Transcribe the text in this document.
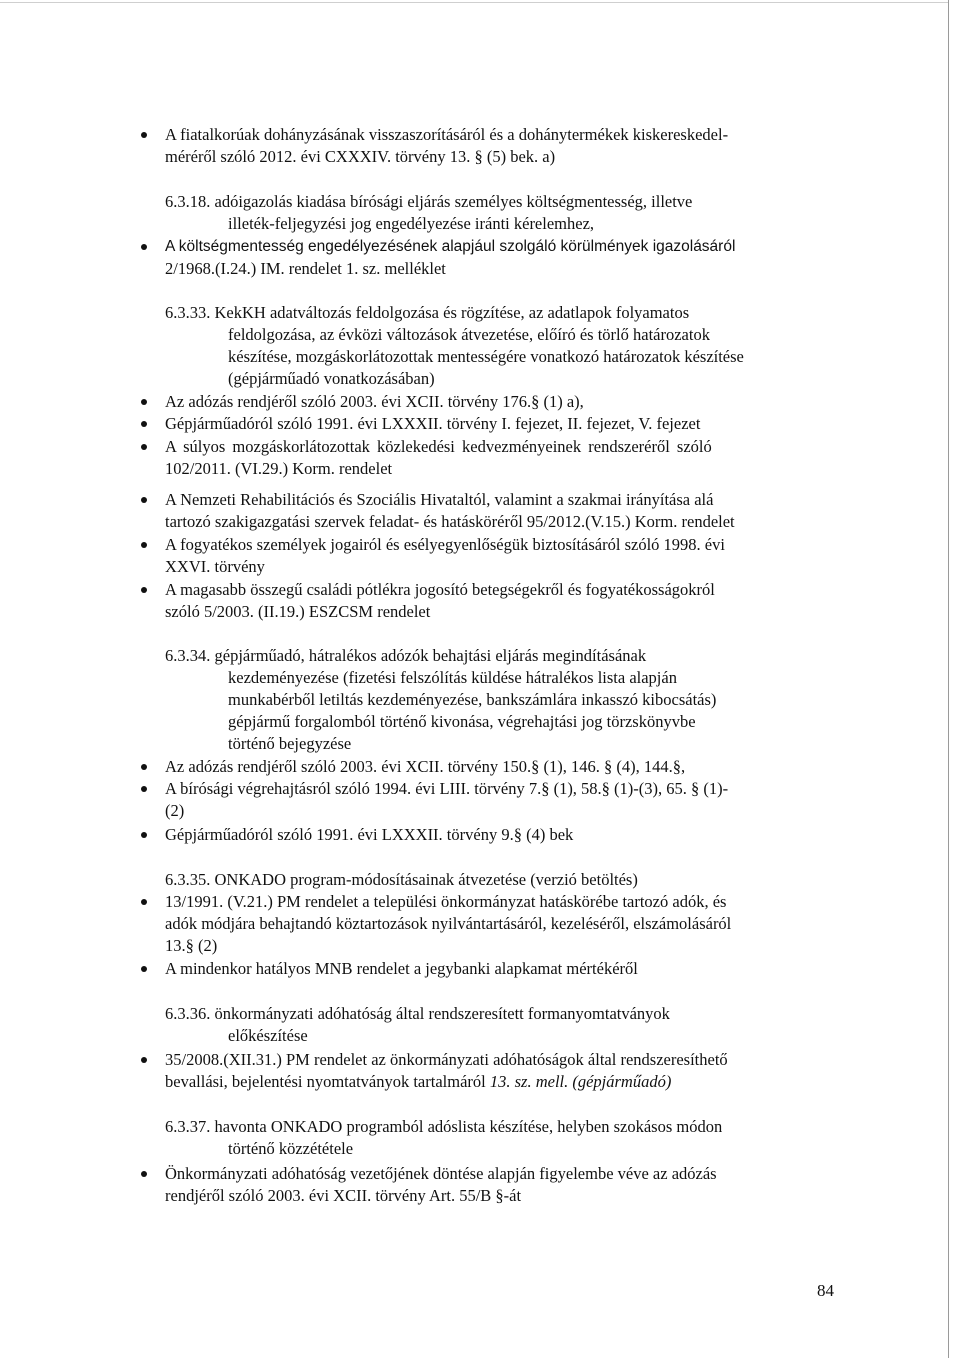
A fiatalkorúak dohányzásának visszaszorításáról és a dohánytermékek kiskereskedel-
méréről szóló 2012. évi CXXXIV. törvény 13. § (5) bek. a)
6.3.18. adóigazolás kiadása bírósági eljárás személyes költségmentesség, illetve
illeték-feljegyzési jog engedélyezése iránti kérelemhez,
A költségmentesség engedélyezésének alapjául szolgáló körülmények igazolásáról
2/1968.(I.24.) IM. rendelet 1. sz. melléklet
6.3.33. KekKH adatváltozás feldolgozása és rögzítése, az adatlapok folyamatos
feldolgozása, az évközi változások átvezetése, előíró és törlő határozatok
készítése, mozgáskorlátozottak mentességére vonatkozó határozatok készítése
(gépjárműadó vonatkozásában)
Az adózás rendjéről szóló 2003. évi XCII. törvény 176.§ (1) a),
Gépjárműadóról szóló 1991. évi LXXXII. törvény I. fejezet, II. fejezet, V. fejezet
A súlyos mozgáskorlátozottak közlekedési kedvezményeinek rendszeréről szóló
102/2011. (VI.29.) Korm. rendelet
A Nemzeti Rehabilitációs és Szociális Hivataltól, valamint a szakmai irányítása alá
tartozó szakigazgatási szervek feladat- és hatásköréről 95/2012.(V.15.) Korm. rendelet
A fogyatékos személyek jogairól és esélyegyenlőségük biztosításáról szóló 1998. évi
XXVI. törvény
A magasabb összegű családi pótlékra jogosító betegségekről és fogyatékosságokról
szóló 5/2003. (II.19.) ESZCSM rendelet
6.3.34. gépjárműadó, hátralékos adózók behajtási eljárás megindításának
kezdeményezése (fizetési felszólítás küldése hátralékos lista alapján
munkabérből letiltás kezdeményezése, bankszámlára inkasszó kibocsátás)
gépjármű forgalomból történő kivonása, végrehajtási jog törzskönyvbe
történő bejegyzése
Az adózás rendjéről szóló 2003. évi XCII. törvény 150.§ (1), 146. § (4), 144.§,
A bírósági végrehajtásról szóló 1994. évi LIII. törvény 7.§ (1), 58.§ (1)-(3), 65. § (1)-
(2)
Gépjárműadóról szóló 1991. évi LXXXII. törvény 9.§ (4) bek
6.3.35. ONKADO program-módosításainak átvezetése (verzió betöltés)
13/1991. (V.21.) PM rendelet a települési önkormányzat hatáskörébe tartozó adók, és
adók módjára behajtandó köztartozások nyilvántartásáról, kezeléséről, elszámolásáról
13.§ (2)
A mindenkor hatályos MNB rendelet a jegybanki alapkamat mértékéről
6.3.36. önkormányzati adóhatóság által rendszeresített formanyomtatványok
előkészítése
35/2008.(XII.31.) PM rendelet az önkormányzati adóhatóságok által rendszeresíthető
bevallási, bejelentési nyomtatványok tartalmáról 13. sz. mell. (gépjárműadó)
6.3.37. havonta ONKADO programból adóslista készítése, helyben szokásos módon
történő közzététele
Önkormányzati adóhatóság vezetőjének döntése alapján figyelembe véve az adózás
rendjéről szóló 2003. évi XCII. törvény Art. 55/B §-át
84
